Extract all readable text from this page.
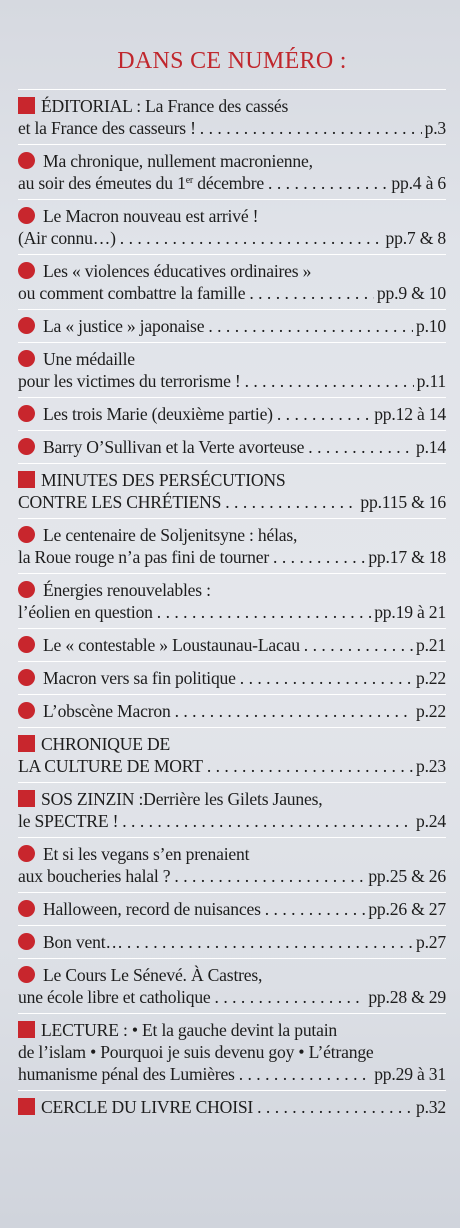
DANS CE NUMÉRO :
ÉDITORIAL : La France des cassés
et la France des casseurs ! . . .	p.3
Ma chronique, nullement macronienne,
au soir des émeutes du 1er décembre . . .	pp.4 à 6
Le Macron nouveau est arrivé !
(Air connu…) . . .	pp.7 & 8
Les « violences éducatives ordinaires »
ou comment combattre la famille . . .	pp.9 & 10
La « justice » japonaise . . .	p.10
Une médaille
pour les victimes du terrorisme ! . . .	p.11
Les trois Marie (deuxième partie) . . .	pp.12 à 14
Barry O’Sullivan et la Verte avorteuse . . .	p.14
MINUTES DES PERSÉCUTIONS
CONTRE LES CHRÉTIENS . . .	pp.115 & 16
Le centenaire de Soljenitsyne : hélas,
la Roue rouge n’a pas fini de tourner . . .	pp.17 & 18
Énergies renouvelables :
l’éolien en question . . .	pp.19 à 21
Le « contestable » Loustaunau-Lacau . . .	p.21
Macron vers sa fin politique . . .	p.22
L’obscène Macron . . .	p.22
CHRONIQUE DE
LA CULTURE DE MORT . . .	p.23
SOS ZINZIN :Derrière les Gilets Jaunes,
le SPECTRE ! . . .	p.24
Et si les vegans s’en prenaient
aux boucheries halal ? . . .	pp.25 & 26
Halloween, record de nuisances . . .	pp.26 & 27
Bon vent… . . .	p.27
Le Cours Le Sénevé. À Castres,
une école libre et catholique . . .	pp.28 & 29
LECTURE : • Et la gauche devint la putain
de l’islam • Pourquoi je suis devenu goy • L’étrange
humanisme pénal des Lumières . . .	pp.29 à 31
CERCLE DU LIVRE CHOISI . . .	p.32
